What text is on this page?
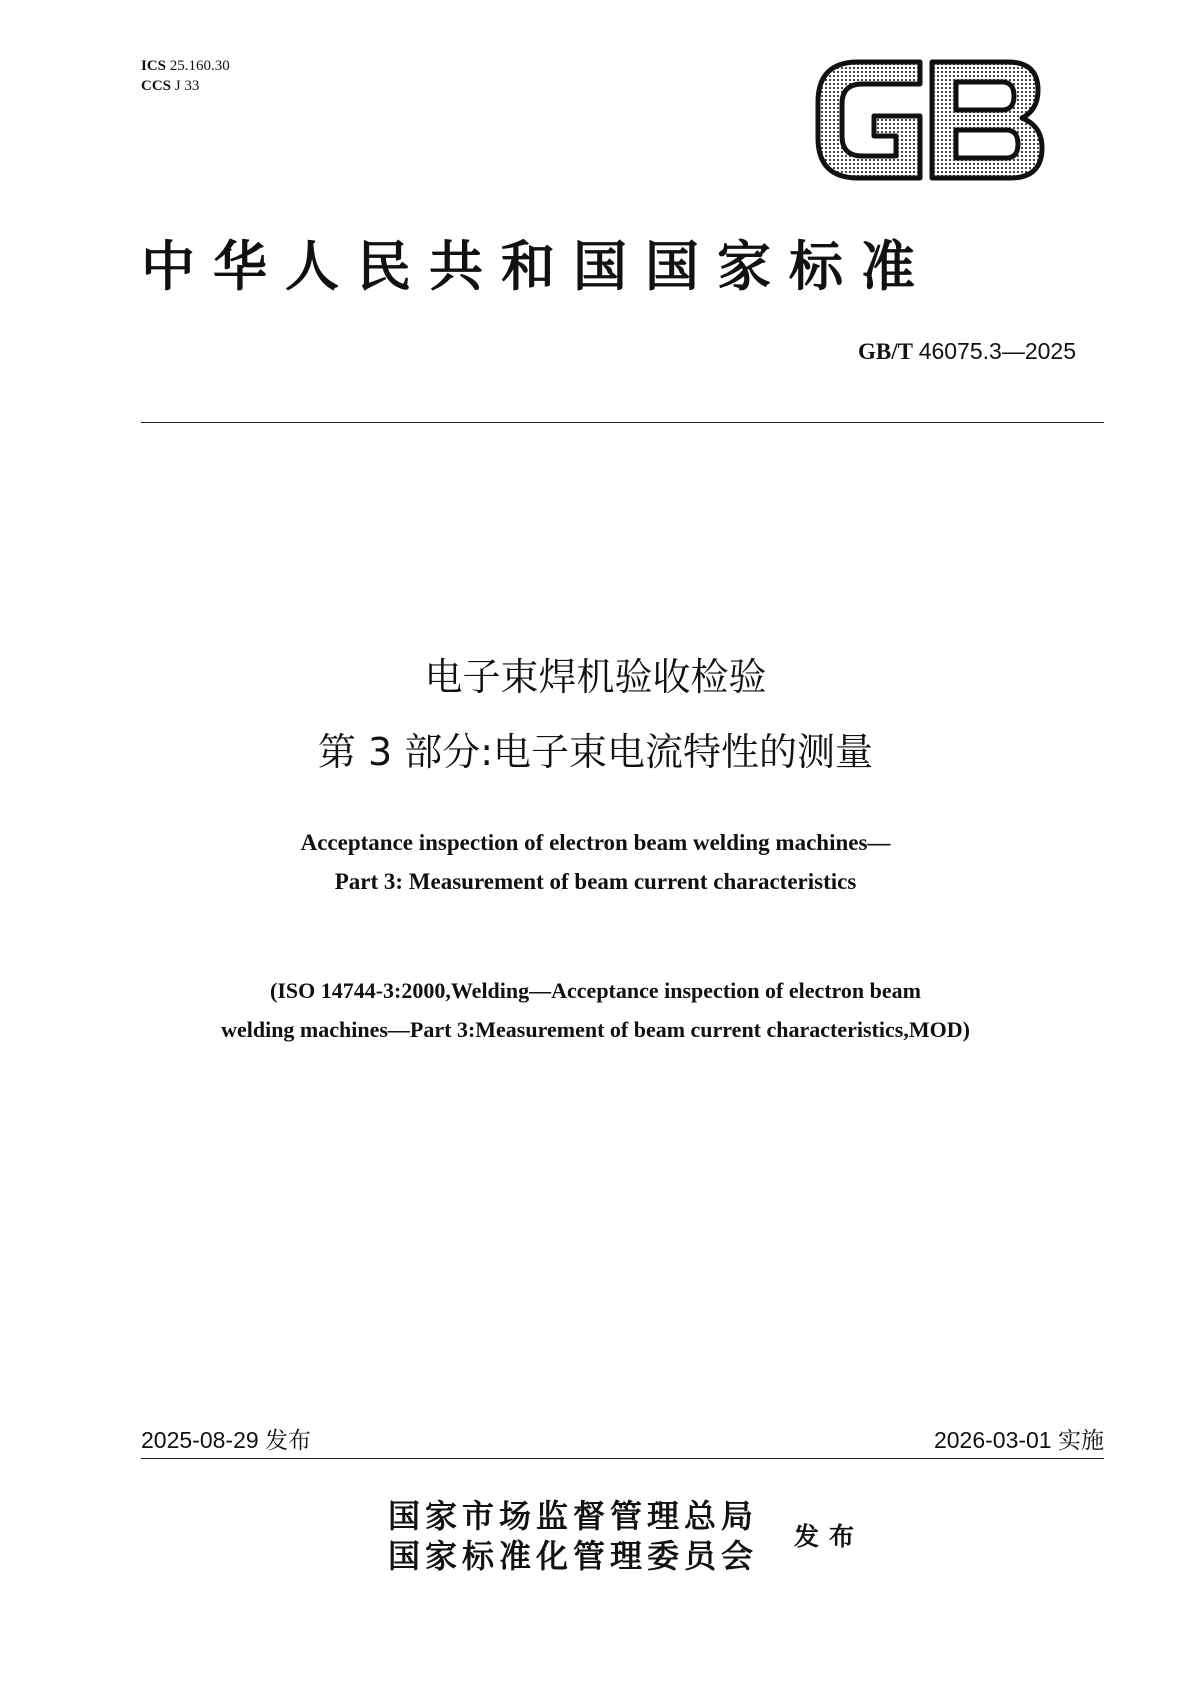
ICS 25.160.30
CCS J 33
中华人民共和国国家标准
GB/T 46075.3—2025
电子束焊机验收检验
第 3 部分:电子束电流特性的测量
Acceptance inspection of electron beam welding machines—
Part 3: Measurement of beam current characteristics
(ISO 14744-3:2000,Welding—Acceptance inspection of electron beam
welding machines—Part 3:Measurement of beam current characteristics,MOD)
2025-08-29 发布	2026-03-01 实施
国家市场监督管理总局
国家标准化管理委员会
发布
